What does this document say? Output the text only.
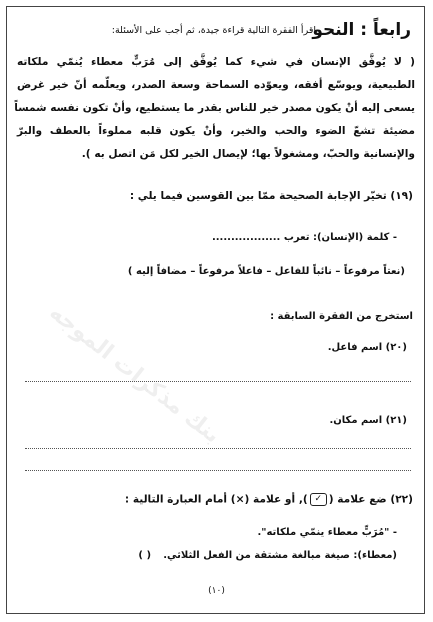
بنك مذكرات الموجه
رابعاً : النحو
اقرأ الفقرة التالية قراءة جيدة، ثم أجب على الأسئلة:
( لا يُوفَّق الإنسان في شيء كما يُوفَّق إلى مُرَبٍّ معطاء يُنمّي ملكاته
الطبيعية، ويوسّع أفقه، ويعوّده السماحة وسعة الصدر، ويعلّمه أنّ خير غرض
يسعى إليه أنْ يكون مصدر خير للناس بقدر ما يستطيع، وأنْ تكون نفسه شمساً
مضيئة تشعّ الضوء والحب والخير، وأنْ يكون قلبه مملوءاً بالعطف والبرّ
والإنسانية والحبّ، ومشغولاً بها؛ لإيصال الخير لكل مَن اتصل به ).
(١٩) تخيّر الإجابة الصحيحة ممّا بين القوسين فيما يلي :
- كلمة (الإنسان): تعرب ..................
(نعتاً مرفوعاً – نائباً للفاعل – فاعلاً مرفوعاً – مضافاً إليه )
استخرج من الفقرة السابقة :
(٢٠) اسم فاعل.
(٢١) اسم مكان.
(٢٢) ضع علامة (✓), أو علامة (×) أمام العبارة التالية :
- "مُرَبٍّ معطاء ينمّي ملكاته".
(معطاء): صيغة مبالغة مشتقة من الفعل الثلاثي. ( )
(١٠)
